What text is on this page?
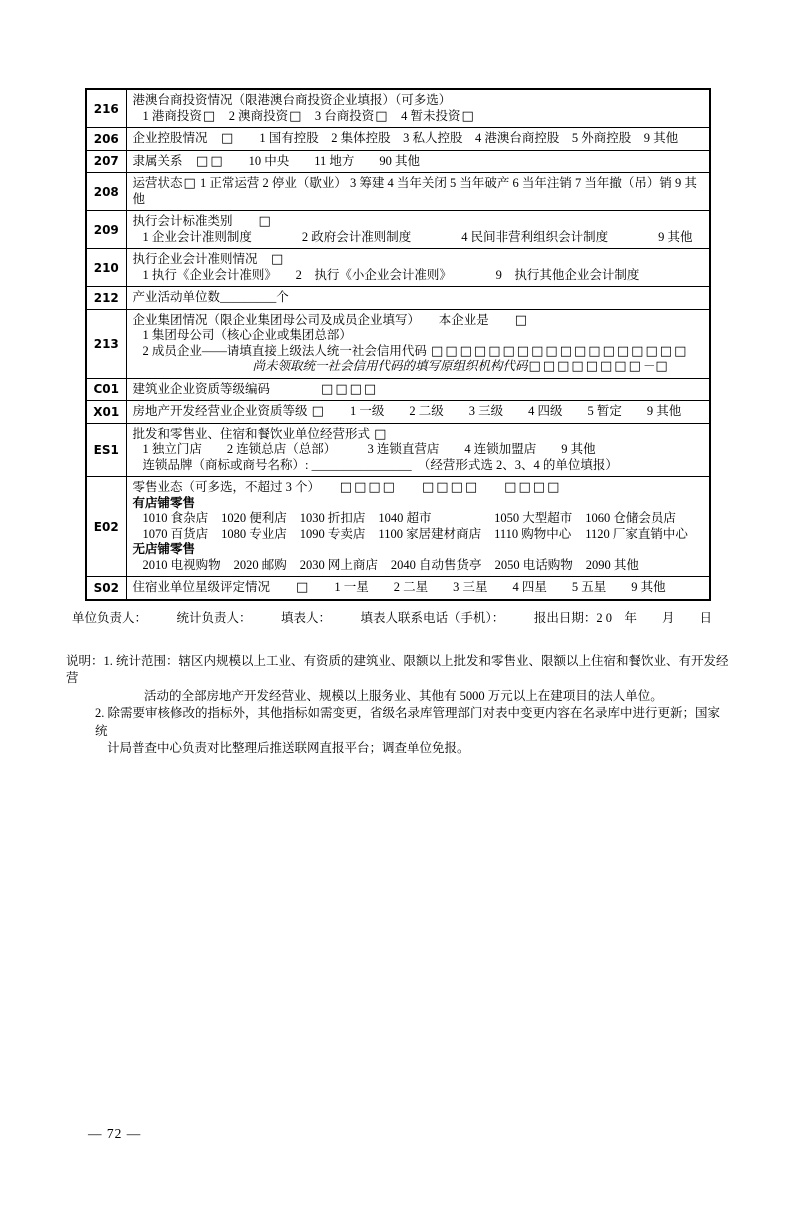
216	港澳台商投资情况（限港澳台商投资企业填报）（可多选）
1 港商投资□　2 澳商投资□　3 台商投资□　4 暂未投资□

206	企业控股情况　□　　1 国有控股　2 集体控股　3 私人控股　4 港澳台商控股　5 外商控股　9 其他

207	隶属关系　□ □　　10 中央　　11 地方　　90 其他

208	运营状态□ 1 正常运营 2 停业（歇业） 3 筹建 4 当年关闭 5 当年破产 6 当年注销 7 当年撤（吊）销 9 其他

209	执行会计标准类别　　□
1 企业会计准则制度　　　　2 政府会计准则制度　　　　4 民间非营利组织会计制度　　　　9 其他

210	执行企业会计准则情况　□
1 执行《企业会计准则》　　2　执行《小企业会计准则》　　　　9　执行其他企业会计制度

212	产业活动单位数_________个

213	企业集团情况（限企业集团母公司及成员企业填写）　　本企业是　　□
1 集团母公司（核心企业或集团总部）
2 成员企业——请填直接上级法人统一社会信用代码 □ □ □ □ □ □ □ □ □ □ □ □ □ □ □ □ □ □
尚未领取统一社会信用代码的填写原组织机构代码□ □ □ □ □ □ □ □－□

C01	建筑业企业资质等级编码　　　　□ □ □ □

X01	房地产开发经营业企业资质等级 □　　1 一级　　2 二级　　3 三级　　4 四级　　5 暂定　　9 其他

ES1	批发和零售业、住宿和餐饮业单位经营形式 □
1 独立门店　　2 连锁总店（总部）　　　3 连锁直营店　　4 连锁加盟店　　9 其他
连锁品牌（商标或商号名称）: ________________　（经营形式选 2、3、4 的单位填报）

E02	
零售业态（可多选，不超过 3 个）　　□ □ □ □　　 □ □ □ □　　 □ □ □ □
有店铺零售
1010 食杂店 1020 便利店 1030 折扣店 1040 超市	1050 大型超市 1060 仓储会员店
1070 百货店 1080 专业店 1090 专卖店 1100 家居建材商店 1110 购物中心 1120 厂家直销中心
无店铺零售
2010 电视购物 2020 邮购 2030 网上商店 2040 自动售货亭 2050 电话购物 2090 其他

S02	住宿业单位星级评定情况　　□　　1 一星　　2 二星　　3 三星　　4 四星　　5 五星　　9 其他
单位负责人： 统计负责人： 填表人： 填表人联系电话（手机）： 报出日期：2 0　年　　月　　日
说明：1. 统计范围：辖区内规模以上工业、有资质的建筑业、限额以上批发和零售业、限额以上住宿和餐饮业、有开发经营
活动的全部房地产开发经营业、规模以上服务业、其他有 5000 万元以上在建项目的法人单位。
2. 除需要审核修改的指标外，其他指标如需变更，省级名录库管理部门对表中变更内容在名录库中进行更新；国家统
计局普查中心负责对比整理后推送联网直报平台；调查单位免报。
— 72 —
